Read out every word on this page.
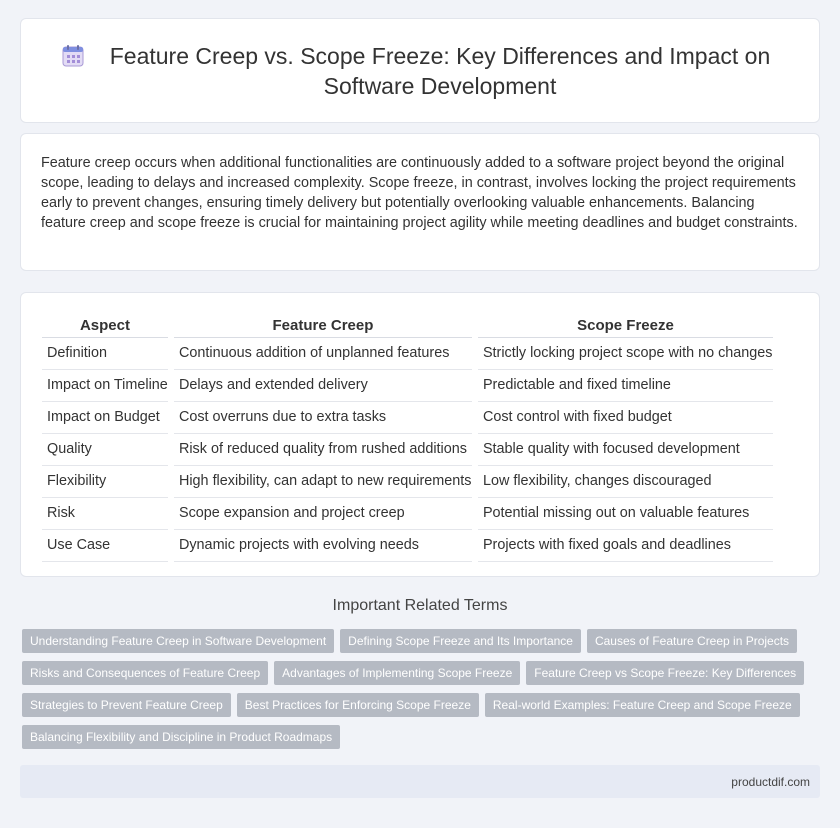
Feature Creep vs. Scope Freeze: Key Differences and Impact on Software Development

Feature creep occurs when additional functionalities are continuously added to a software project beyond the original scope, leading to delays and increased complexity. Scope freeze, in contrast, involves locking the project requirements early to prevent changes, ensuring timely delivery but potentially overlooking valuable enhancements. Balancing feature creep and scope freeze is crucial for maintaining project agility while meeting deadlines and budget constraints.

Aspect	Feature Creep	Scope Freeze
Definition	Continuous addition of unplanned features	Strictly locking project scope with no changes
Impact on Timeline	Delays and extended delivery	Predictable and fixed timeline
Impact on Budget	Cost overruns due to extra tasks	Cost control with fixed budget
Quality	Risk of reduced quality from rushed additions	Stable quality with focused development
Flexibility	High flexibility, can adapt to new requirements	Low flexibility, changes discouraged
Risk	Scope expansion and project creep	Potential missing out on valuable features
Use Case	Dynamic projects with evolving needs	Projects with fixed goals and deadlines
Important Related Terms
Understanding Feature Creep in Software Development	Defining Scope Freeze and Its Importance	Causes of Feature Creep in Projects
Risks and Consequences of Feature Creep	Advantages of Implementing Scope Freeze	Feature Creep vs Scope Freeze: Key Differences
Strategies to Prevent Feature Creep	Best Practices for Enforcing Scope Freeze	Real-world Examples: Feature Creep and Scope Freeze
Balancing Flexibility and Discipline in Product Roadmaps
productdif.com
